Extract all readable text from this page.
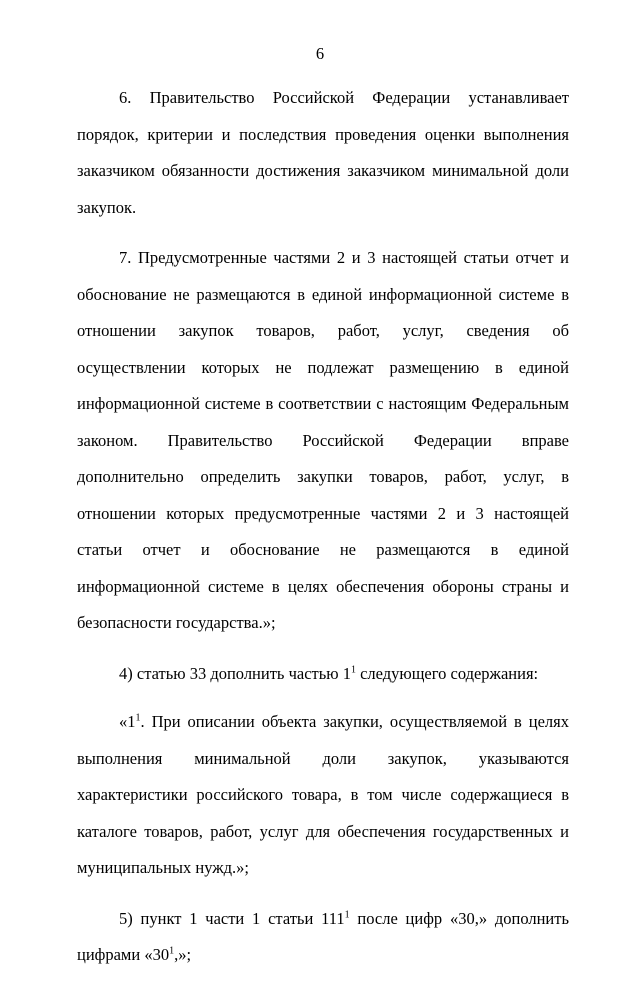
6

6. Правительство Российской Федерации устанавливает порядок, критерии и последствия проведения оценки выполнения заказчиком обязанности достижения заказчиком минимальной доли закупок.

7. Предусмотренные частями 2 и 3 настоящей статьи отчет и обоснование не размещаются в единой информационной системе в отношении закупок товаров, работ, услуг, сведения об осуществлении которых не подлежат размещению в единой информационной системе в соответствии с настоящим Федеральным законом. Правительство Российской Федерации вправе дополнительно определить закупки товаров, работ, услуг, в отношении которых предусмотренные частями 2 и 3 настоящей статьи отчет и обоснование не размещаются в единой информационной системе в целях обеспечения обороны страны и безопасности государства.»;

4) статью 33 дополнить частью $1^1$ следующего содержания:

«$1^1$. При описании объекта закупки, осуществляемой в целях выполнения минимальной доли закупок, указываются характеристики российского товара, в том числе содержащиеся в каталоге товаров, работ, услуг для обеспечения государственных и муниципальных нужд.»;

5) пункт 1 части 1 статьи $111^1$ после цифр «30,» дополнить цифрами «$30^1$,»;
